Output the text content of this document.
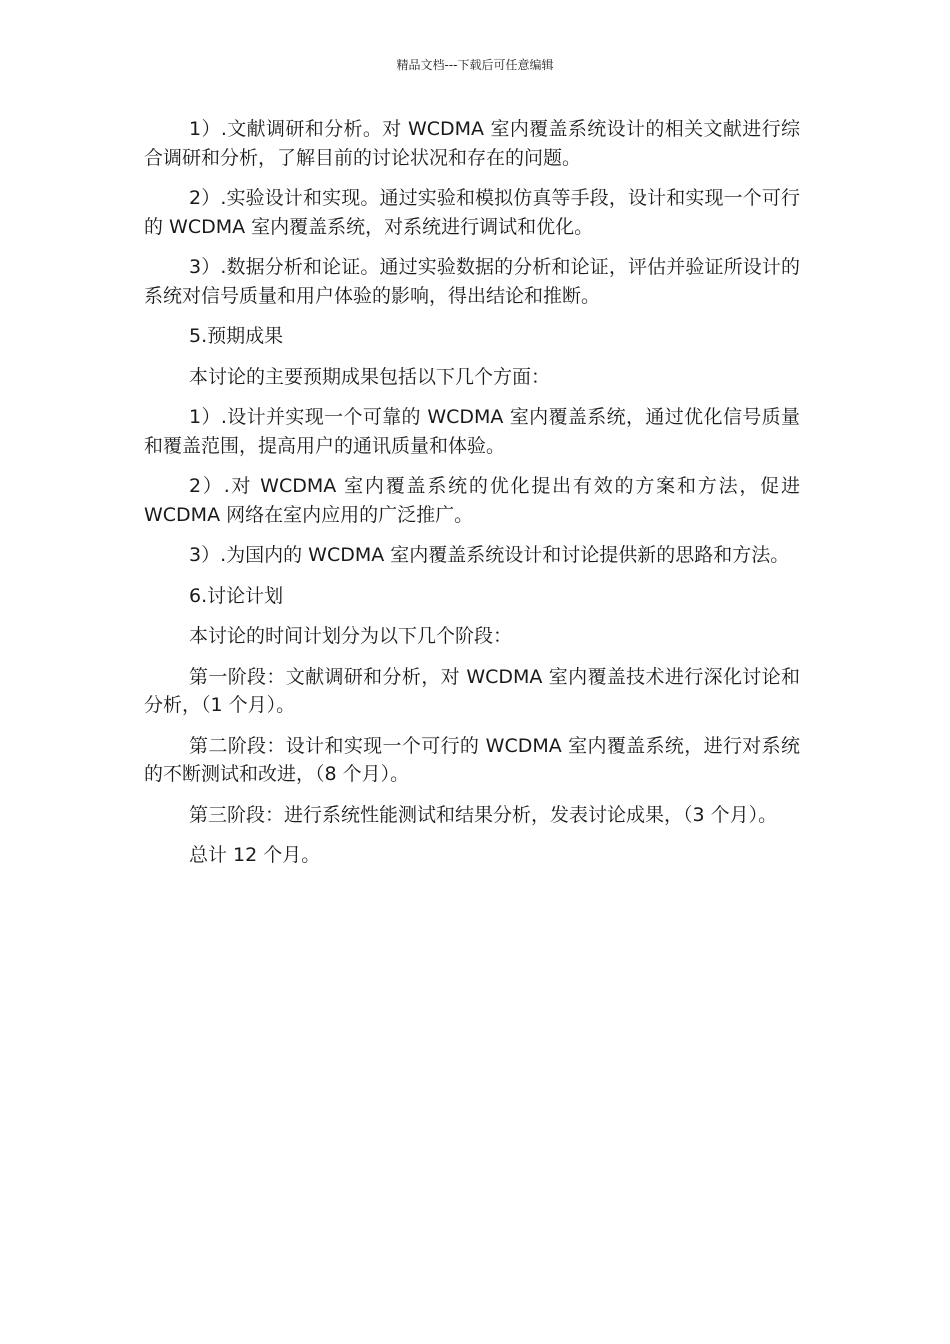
精品文档---下载后可任意编辑

1）.文献调研和分析。对 WCDMA 室内覆盖系统设计的相关文献进行综合调研和分析，了解目前的讨论状况和存在的问题。

2）.实验设计和实现。通过实验和模拟仿真等手段，设计和实现一个可行的 WCDMA 室内覆盖系统，对系统进行调试和优化。

3）.数据分析和论证。通过实验数据的分析和论证，评估并验证所设计的系统对信号质量和用户体验的影响，得出结论和推断。

5.预期成果

本讨论的主要预期成果包括以下几个方面：

1）.设计并实现一个可靠的 WCDMA 室内覆盖系统，通过优化信号质量和覆盖范围，提高用户的通讯质量和体验。

2）.对 WCDMA 室内覆盖系统的优化提出有效的方案和方法，促进 WCDMA 网络在室内应用的广泛推广。

3）.为国内的 WCDMA 室内覆盖系统设计和讨论提供新的思路和方法。

6.讨论计划

本讨论的时间计划分为以下几个阶段：

第一阶段：文献调研和分析，对 WCDMA 室内覆盖技术进行深化讨论和分析，（1 个月）。

第二阶段：设计和实现一个可行的 WCDMA 室内覆盖系统，进行对系统的不断测试和改进，（8 个月）。

第三阶段：进行系统性能测试和结果分析，发表讨论成果，（3 个月）。

总计 12 个月。
